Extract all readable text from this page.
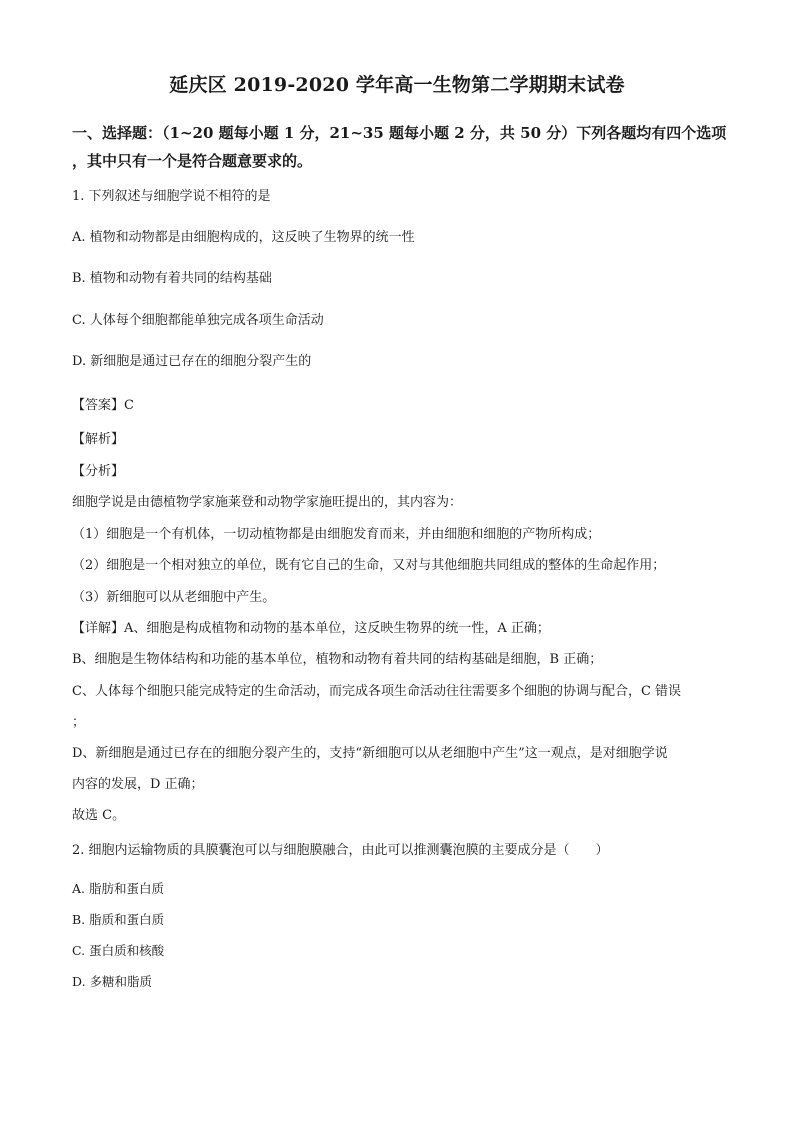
延庆区 2019-2020 学年高一生物第二学期期末试卷
一、选择题：（1~20 题每小题 1 分，21~35 题每小题 2 分，共 50 分）下列各题均有四个选项
，其中只有一个是符合题意要求的。
1. 下列叙述与细胞学说不相符的是
A. 植物和动物都是由细胞构成的，这反映了生物界的统一性
B. 植物和动物有着共同的结构基础
C. 人体每个细胞都能单独完成各项生命活动
D. 新细胞是通过已存在的细胞分裂产生的
【答案】C
【解析】
【分析】
细胞学说是由德植物学家施莱登和动物学家施旺提出的，其内容为：
（1）细胞是一个有机体，一切动植物都是由细胞发育而来，并由细胞和细胞的产物所构成；
（2）细胞是一个相对独立的单位，既有它自己的生命，又对与其他细胞共同组成的整体的生命起作用；
（3）新细胞可以从老细胞中产生。
【详解】A、细胞是构成植物和动物的基本单位，这反映生物界的统一性，A 正确；
B、细胞是生物体结构和功能的基本单位，植物和动物有着共同的结构基础是细胞，B 正确；
C、人体每个细胞只能完成特定的生命活动，而完成各项生命活动往往需要多个细胞的协调与配合，C 错误
；
D、新细胞是通过已存在的细胞分裂产生的，支持“新细胞可以从老细胞中产生”这一观点，是对细胞学说
内容的发展，D 正确；
故选 C。
2. 细胞内运输物质的具膜囊泡可以与细胞膜融合，由此可以推测囊泡膜的主要成分是（　　）
A. 脂肪和蛋白质
B. 脂质和蛋白质
C. 蛋白质和核酸
D. 多糖和脂质
